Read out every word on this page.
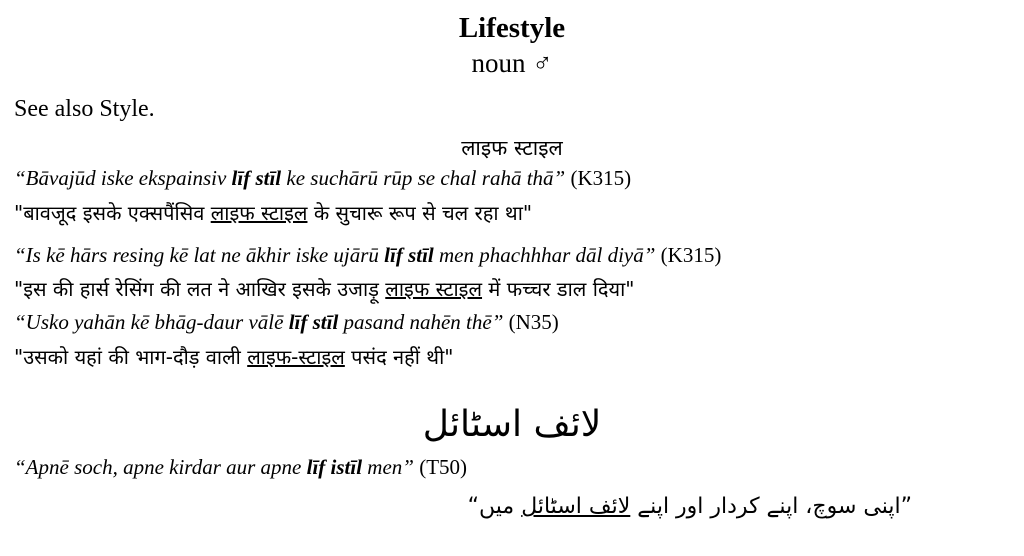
Lifestyle
noun ♂
See also Style.
लाइफ स्टाइल
“Bāvajūd iske ekspainsiv līf stīl ke suchārū rūp se chal rahā thā” (K315)
"बावजूद इसके एक्सपैंसिव लाइफ स्टाइल के सुचारू रूप से चल रहा था"
“Is kē hārs resing kē lat ne ākhir iske ujārū līf stīl men phachhhar dāl diyā” (K315)
"इस की हार्स रेसिंग की लत ने आखिर इसके उजाड़ू लाइफ स्टाइल में फच्चर डाल दिया"
“Usko yahān kē bhāg-daur vālē līf stīl pasand nahēn thē” (N35)
"उसको यहां की भाग-दौड़ वाली लाइफ-स्टाइल पसंद नहीं थी"
لائف اسٹائل
“Apnē soch, apne kirdar aur apne līf istīl men” (T50)
”اپنی سوچ، اپنے کردار اور اپنے لائف اسٹائل میں“
